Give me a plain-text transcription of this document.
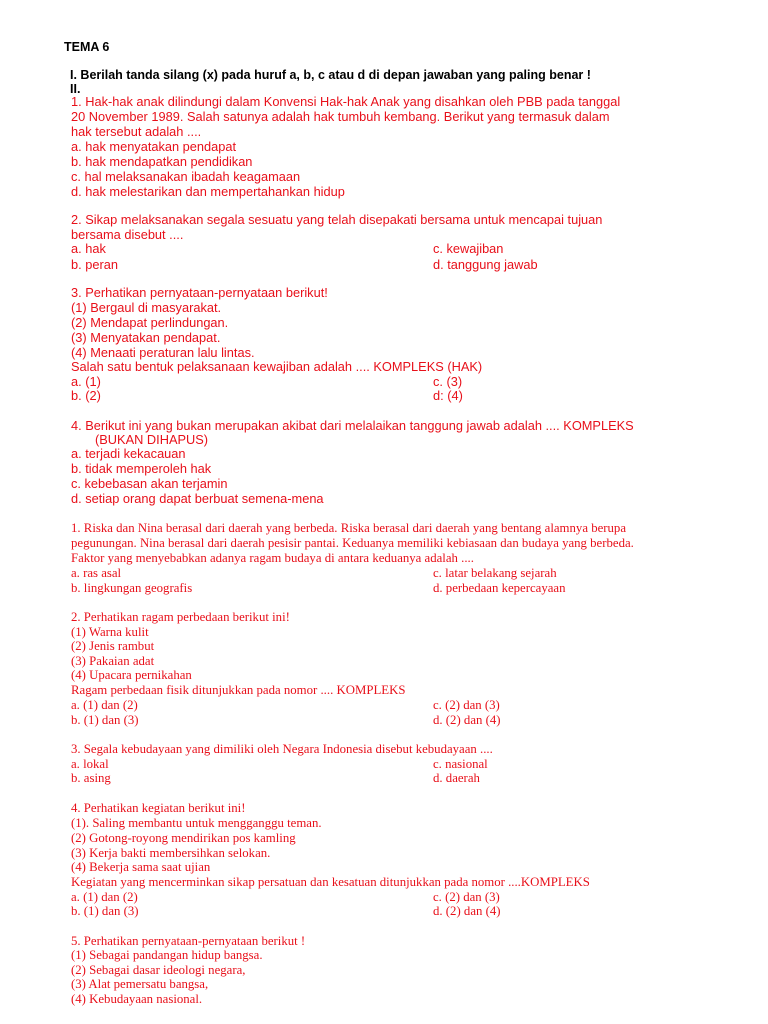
TEMA 6
I. Berilah tanda silang (x) pada huruf a, b, c atau d di depan jawaban yang paling benar !
II.
1. Hak-hak anak dilindungi dalam Konvensi Hak-hak Anak yang disahkan oleh PBB pada tanggal
20 November 1989. Salah satunya adalah hak tumbuh kembang. Berikut yang termasuk dalam
hak tersebut adalah ....
a. hak menyatakan pendapat
b. hak mendapatkan pendidikan
c. hal melaksanakan ibadah keagamaan
d. hak melestarikan dan mempertahankan hidup
2. Sikap melaksanakan segala sesuatu yang telah disepakati bersama untuk mencapai tujuan
bersama disebut ....
a. hak	c. kewajiban
b. peran	d. tanggung jawab
3. Perhatikan pernyataan-pernyataan berikut!
(1) Bergaul di masyarakat.
(2) Mendapat perlindungan.
(3) Menyatakan pendapat.
(4) Menaati peraturan lalu lintas.
Salah satu bentuk pelaksanaan kewajiban adalah .... KOMPLEKS (HAK)
a. (1)	c. (3)
b. (2)	d: (4)
4. Berikut ini yang bukan merupakan akibat dari melalaikan tanggung jawab adalah .... KOMPLEKS
(BUKAN DIHAPUS)
a. terjadi kekacauan
b. tidak memperoleh hak
c. kebebasan akan terjamin
d. setiap orang dapat berbuat semena-mena
1. Riska dan Nina berasal dari daerah yang berbeda. Riska berasal dari daerah yang bentang alamnya berupa
pegunungan. Nina berasal dari daerah pesisir pantai. Keduanya memiliki kebiasaan dan budaya yang berbeda.
Faktor yang menyebabkan adanya ragam budaya di antara keduanya adalah ....
a. ras asal	c. latar belakang sejarah
b. lingkungan geografis	d. perbedaan kepercayaan
2. Perhatikan ragam perbedaan berikut ini!
(1) Warna kulit
(2) Jenis rambut
(3) Pakaian adat
(4) Upacara pernikahan
Ragam perbedaan fisik ditunjukkan pada nomor .... KOMPLEKS
a. (1) dan (2)	c. (2) dan (3)
b. (1) dan (3)	d. (2) dan (4)
3. Segala kebudayaan yang dimiliki oleh Negara Indonesia disebut kebudayaan ....
a. lokal	c. nasional
b. asing	d. daerah
4. Perhatikan kegiatan berikut ini!
(1). Saling membantu untuk mengganggu teman.
(2) Gotong-royong mendirikan pos kamling
(3) Kerja bakti membersihkan selokan.
(4) Bekerja sama saat ujian
Kegiatan yang mencerminkan sikap persatuan dan kesatuan ditunjukkan pada nomor ....KOMPLEKS
a. (1) dan (2)	c. (2) dan (3)
b. (1) dan (3)	d. (2) dan (4)
5. Perhatikan pernyataan-pernyataan berikut !
(1) Sebagai pandangan hidup bangsa.
(2) Sebagai dasar ideologi negara,
(3) Alat pemersatu bangsa,
(4) Kebudayaan nasional.
